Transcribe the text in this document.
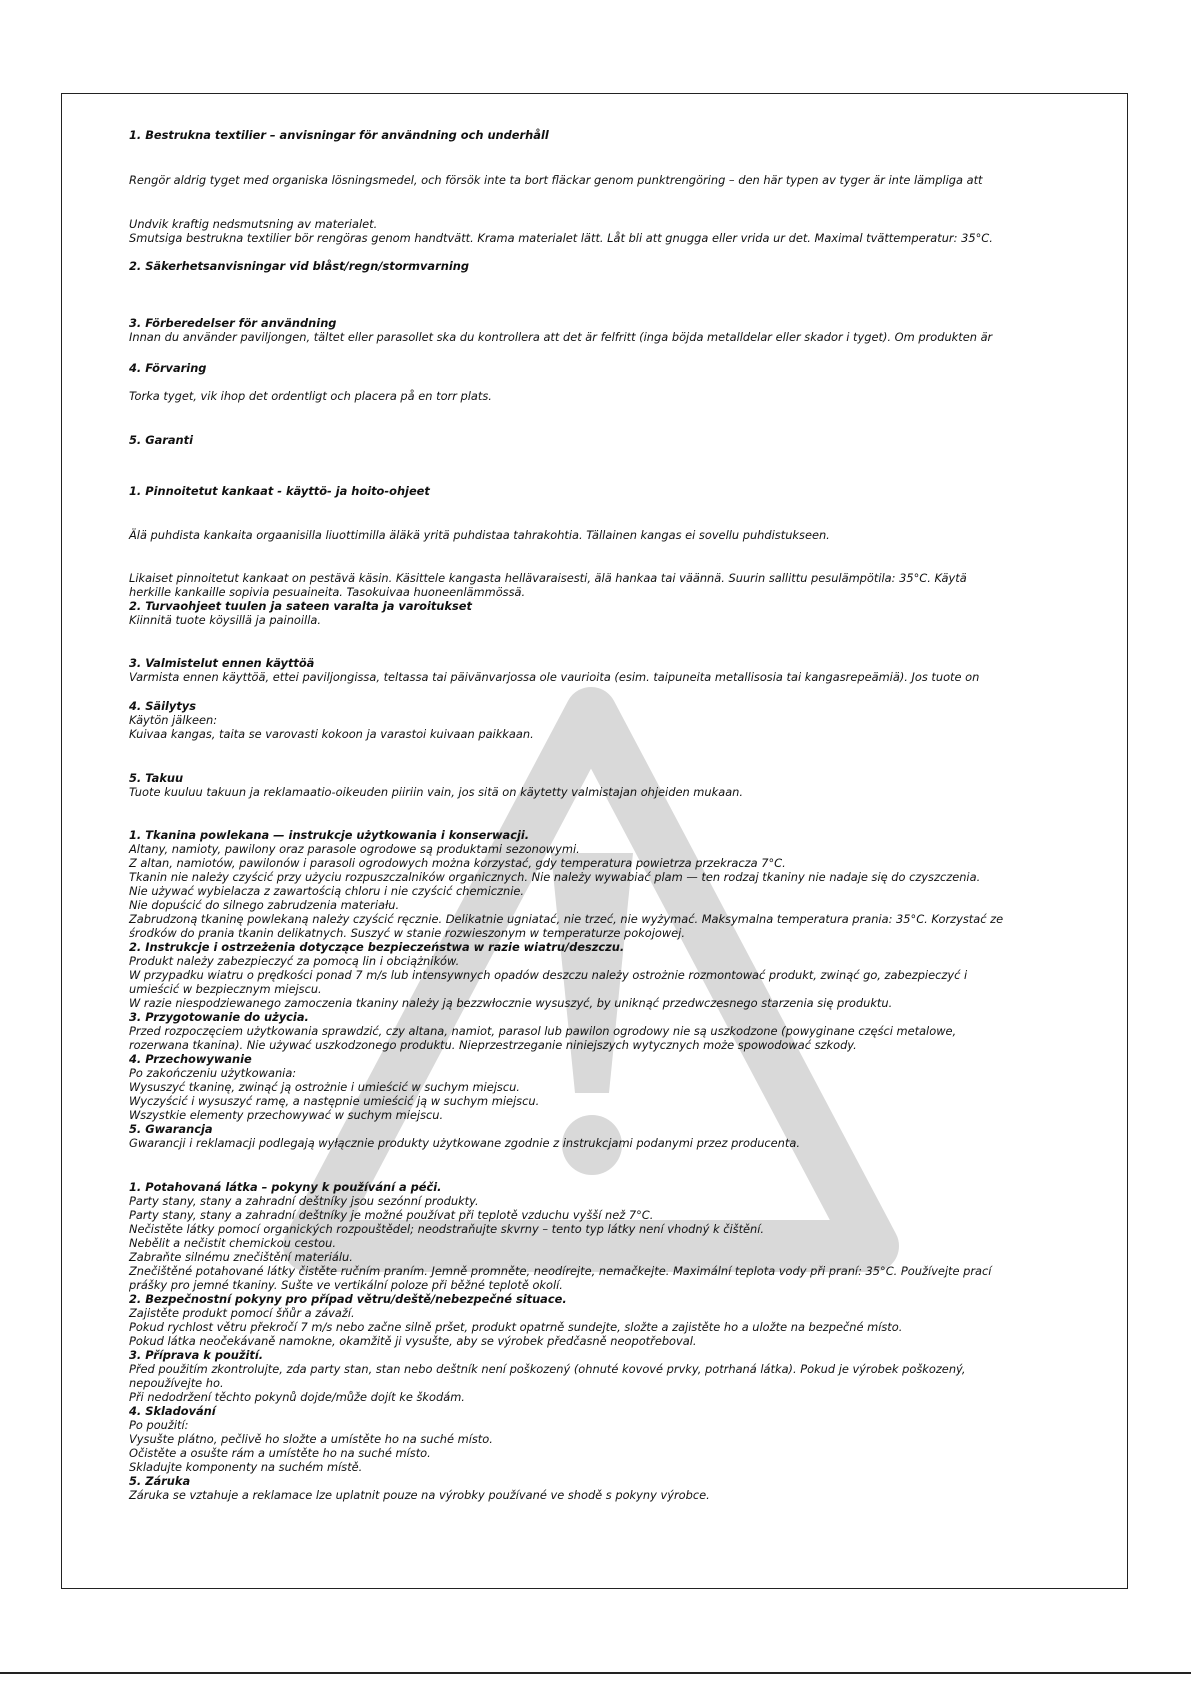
1. Bestrukna textilier – anvisningar för användning och underhåll

Rengör aldrig tyget med organiska lösningsmedel, och försök inte ta bort fläckar genom punktrengöring – den här typen av tyger är inte lämpliga att

Undvik kraftig nedsmutsning av materialet.

Smutsiga bestrukna textilier bör rengöras genom handtvätt. Krama materialet lätt. Låt bli att gnugga eller vrida ur det. Maximal tvättemperatur: 35°C.

2. Säkerhetsanvisningar vid blåst/regn/stormvarning

3. Förberedelser för användning

Innan du använder paviljongen, tältet eller parasollet ska du kontrollera att det är felfritt (inga böjda metalldelar eller skador i tyget). Om produkten är

4. Förvaring

Torka tyget, vik ihop det ordentligt och placera på en torr plats.

5. Garanti

1. Pinnoitetut kankaat - käyttö- ja hoito-ohjeet

Älä puhdista kankaita orgaanisilla liuottimilla äläkä yritä puhdistaa tahrakohtia. Tällainen kangas ei sovellu puhdistukseen.

Likaiset pinnoitetut kankaat on pestävä käsin. Käsittele kangasta hellävaraisesti, älä hankaa tai väännä. Suurin sallittu pesulämpötila: 35°C. Käytä

herkille kankaille sopivia pesuaineita. Tasokuivaa huoneenlämmössä.

2. Turvaohjeet tuulen ja sateen varalta ja varoitukset

Kiinnitä tuote köysillä ja painoilla.

3. Valmistelut ennen käyttöä

Varmista ennen käyttöä, ettei paviljongissa, teltassa tai päivänvarjossa ole vaurioita (esim. taipuneita metallisosia tai kangasrepeämiä). Jos tuote on

4. Säilytys

Käytön jälkeen:

Kuivaa kangas, taita se varovasti kokoon ja varastoi kuivaan paikkaan.

5. Takuu

Tuote kuuluu takuun ja reklamaatio-oikeuden piiriin vain, jos sitä on käytetty valmistajan ohjeiden mukaan.

1. Tkanina powlekana — instrukcje użytkowania i konserwacji.

Altany, namioty, pawilony oraz parasole ogrodowe są produktami sezonowymi.

Z altan, namiotów, pawilonów i parasoli ogrodowych można korzystać, gdy temperatura powietrza przekracza 7°C.

Tkanin nie należy czyścić przy użyciu rozpuszczalników organicznych. Nie należy wywabiać plam — ten rodzaj tkaniny nie nadaje się do czyszczenia.

Nie używać wybielacza z zawartością chloru i nie czyścić chemicznie.

Nie dopuścić do silnego zabrudzenia materiału.

Zabrudzoną tkaninę powlekaną należy czyścić ręcznie. Delikatnie ugniatać, nie trzeć, nie wyżymać. Maksymalna temperatura prania: 35°C. Korzystać ze

środków do prania tkanin delikatnych. Suszyć w stanie rozwieszonym w temperaturze pokojowej.

2. Instrukcje i ostrzeżenia dotyczące bezpieczeństwa w razie wiatru/deszczu.

Produkt należy zabezpieczyć za pomocą lin i obciążników.

W przypadku wiatru o prędkości ponad 7 m/s lub intensywnych opadów deszczu należy ostrożnie rozmontować produkt, zwinąć go, zabezpieczyć i

umieścić w bezpiecznym miejscu.

W razie niespodziewanego zamoczenia tkaniny należy ją bezzwłocznie wysuszyć, by uniknąć przedwczesnego starzenia się produktu.

3. Przygotowanie do użycia.

Przed rozpoczęciem użytkowania sprawdzić, czy altana, namiot, parasol lub pawilon ogrodowy nie są uszkodzone (powyginane części metalowe,

rozerwana tkanina). Nie używać uszkodzonego produktu. Nieprzestrzeganie niniejszych wytycznych może spowodować szkody.

4. Przechowywanie

Po zakończeniu użytkowania:

Wysuszyć tkaninę, zwinąć ją ostrożnie i umieścić w suchym miejscu.

Wyczyścić i wysuszyć ramę, a następnie umieścić ją w suchym miejscu.

Wszystkie elementy przechowywać w suchym miejscu.

5. Gwarancja

Gwarancji i reklamacji podlegają wyłącznie produkty użytkowane zgodnie z instrukcjami podanymi przez producenta.

1. Potahovaná látka – pokyny k používání a péči.

Party stany, stany a zahradní deštníky jsou sezónní produkty.

Party stany, stany a zahradní deštníky je možné používat při teplotě vzduchu vyšší než 7°C.

Nečistěte látky pomocí organických rozpouštědel; neodstraňujte skvrny – tento typ látky není vhodný k čištění.

Nebělit a nečistit chemickou cestou.

Zabraňte silnému znečištění materiálu.

Znečištěné potahované látky čistěte ručním praním. Jemně promněte, neodírejte, nemačkejte. Maximální teplota vody při praní: 35°C. Používejte prací

prášky pro jemné tkaniny. Sušte ve vertikální poloze při běžné teplotě okolí.

2. Bezpečnostní pokyny pro případ větru/deště/nebezpečné situace.

Zajistěte produkt pomocí šňůr a závaží.

Pokud rychlost větru překročí 7 m/s nebo začne silně pršet, produkt opatrně sundejte, složte a zajistěte ho a uložte na bezpečné místo.

Pokud látka neočekávaně namokne, okamžitě ji vysušte, aby se výrobek předčasně neopotřeboval.

3. Příprava k použití.

Před použitím zkontrolujte, zda party stan, stan nebo deštník není poškozený (ohnuté kovové prvky, potrhaná látka). Pokud je výrobek poškozený,

nepoužívejte ho.

Při nedodržení těchto pokynů dojde/může dojít ke škodám.

4. Skladování

Po použití:

Vysušte plátno, pečlivě ho složte a umístěte ho na suché místo.

Očistěte a osušte rám a umístěte ho na suché místo.

Skladujte komponenty na suchém místě.

5. Záruka

Záruka se vztahuje a reklamace lze uplatnit pouze na výrobky používané ve shodě s pokyny výrobce.
